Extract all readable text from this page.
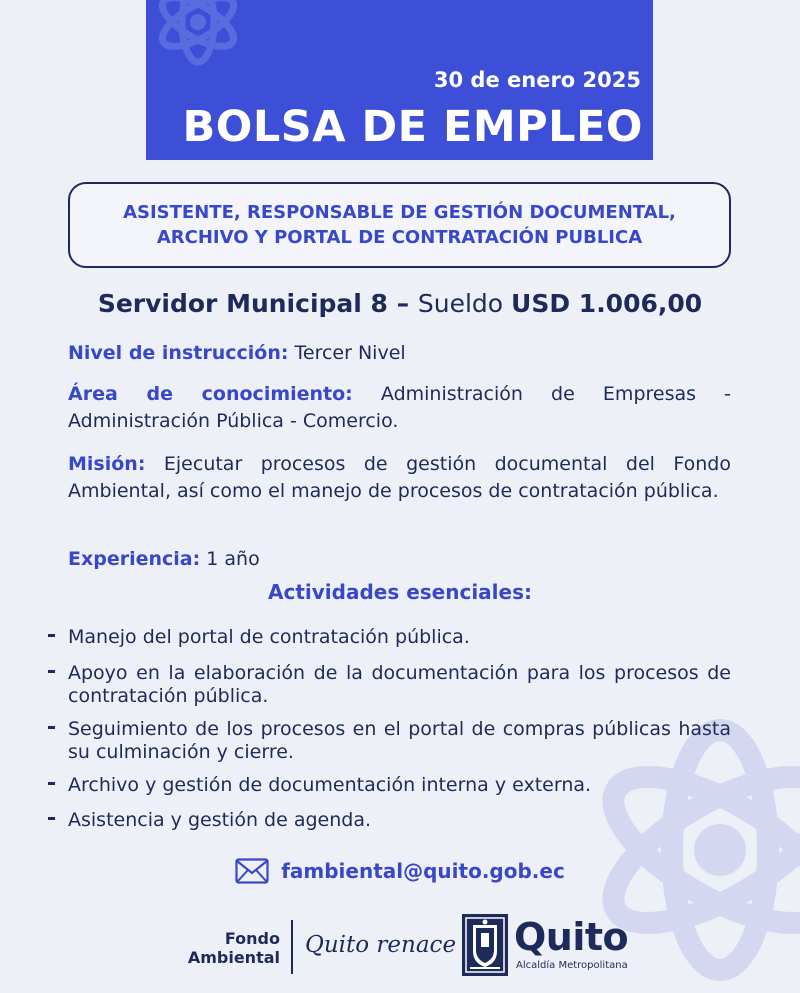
30 de enero 2025
BOLSA DE EMPLEO
ASISTENTE, RESPONSABLE DE GESTIÓN DOCUMENTAL, ARCHIVO Y PORTAL DE CONTRATACIÓN PUBLICA
Servidor Municipal 8 – Sueldo USD 1.006,00
Nivel de instrucción: Tercer Nivel
Área de conocimiento: Administración de Empresas - Administración Pública - Comercio.
Misión: Ejecutar procesos de gestión documental del Fondo Ambiental, así como el manejo de procesos de contratación pública.
Experiencia: 1 año
Actividades esenciales:
Manejo del portal de contratación pública.
Apoyo en la elaboración de la documentación para los procesos de contratación pública.
Seguimiento de los procesos en el portal de compras públicas hasta su culminación y cierre.
Archivo y gestión de documentación interna y externa.
Asistencia y gestión de agenda.
fambiental@quito.gob.ec
Fondo
Ambiental Quito renace Quito
Alcaldía Metropolitana
